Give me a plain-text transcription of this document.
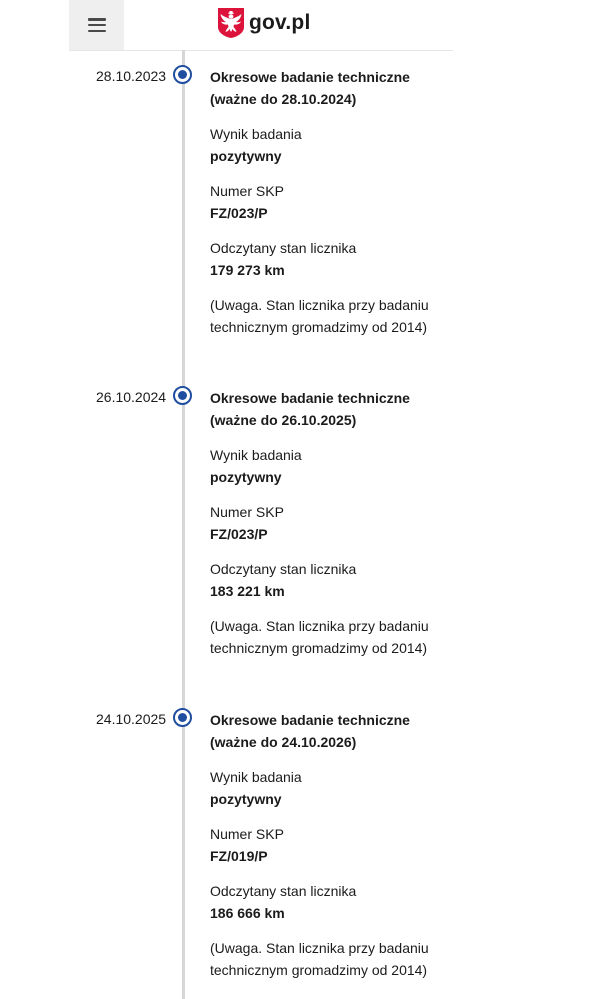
gov.pl
28.10.2023	Okresowe badanie techniczne
(ważne do 28.10.2024)
Wynik badania
pozytywny
Numer SKP
FZ/023/P
Odczytany stan licznika
179 273 km
(Uwaga. Stan licznika przy badaniu
technicznym gromadzimy od 2014)
26.10.2024	Okresowe badanie techniczne
(ważne do 26.10.2025)
Wynik badania
pozytywny
Numer SKP
FZ/023/P
Odczytany stan licznika
183 221 km
(Uwaga. Stan licznika przy badaniu
technicznym gromadzimy od 2014)
24.10.2025	Okresowe badanie techniczne
(ważne do 24.10.2026)
Wynik badania
pozytywny
Numer SKP
FZ/019/P
Odczytany stan licznika
186 666 km
(Uwaga. Stan licznika przy badaniu
technicznym gromadzimy od 2014)
